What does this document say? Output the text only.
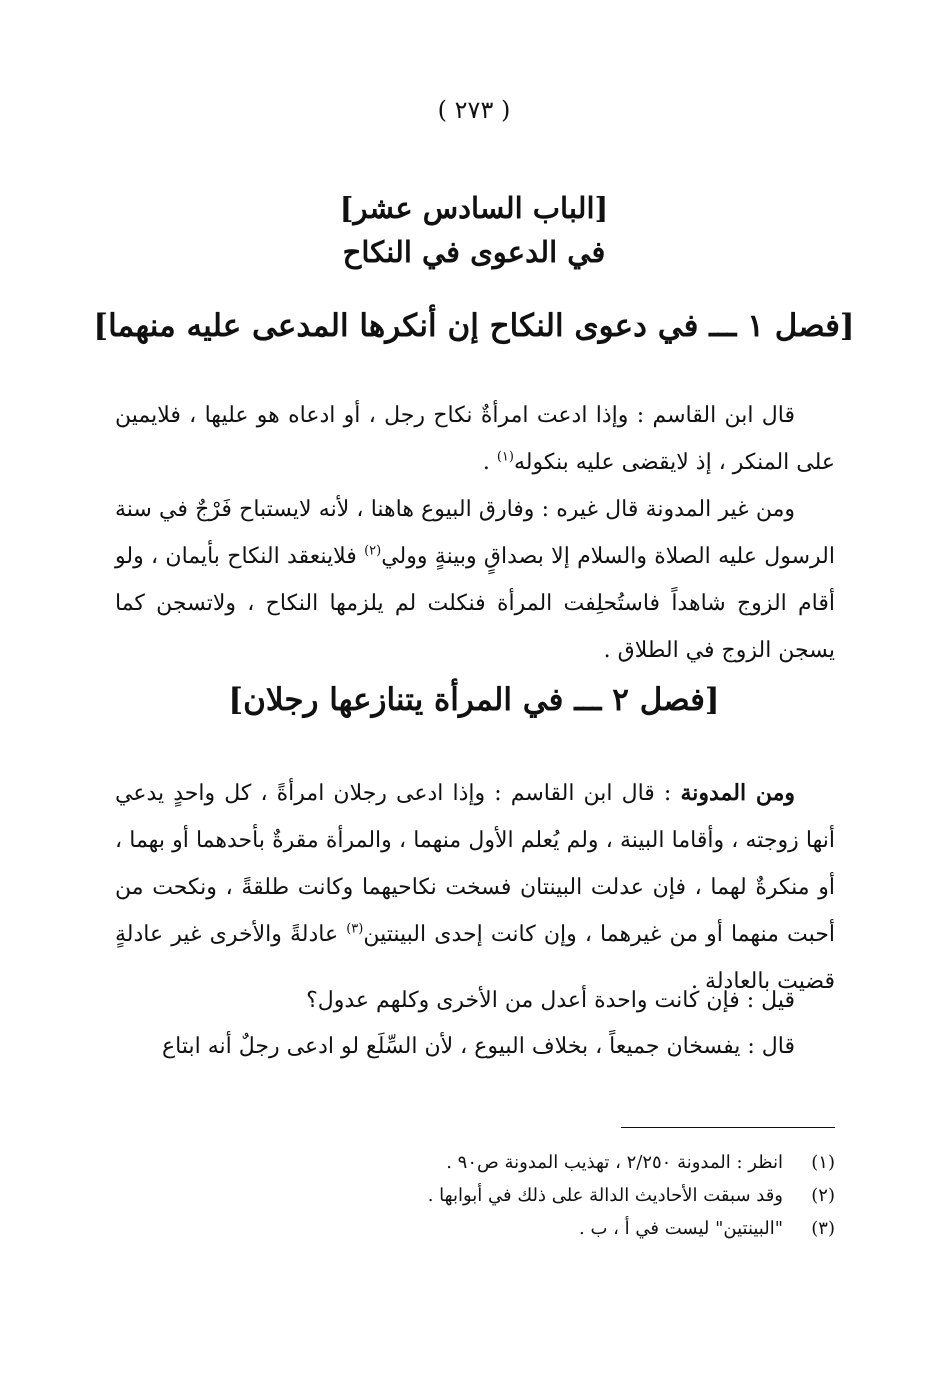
( ٢٧٣ )
[الباب السادس عشر]
في الدعوى في النكاح
[فصل ١ ـــ في دعوى النكاح إن أنكرها المدعى عليه منهما]

قال ابن القاسم : وإذا ادعت امرأةٌ نكاح رجل ، أو ادعاه هو عليها ، فلايمين على المنكر ، إذ لايقضى عليه بنكوله$^{(١)}$ .

ومن غير المدونة قال غيره : وفارق البيوع هاهنا ، لأنه لايستباح فَرْجٌ في سنة الرسول عليه الصلاة والسلام إلا بصداقٍ وبينةٍ وولي$^{(٢)}$ فلاينعقد النكاح بأيمان ، ولو أقام الزوج شاهداً فاستُحلِفت المرأة فنكلت لم يلزمها النكاح ، ولاتسجن كما يسجن الزوج في الطلاق .

[فصل ٢ ـــ في المرأة يتنازعها رجلان]

ومن المدونة : قال ابن القاسم : وإذا ادعى رجلان امرأةً ، كل واحدٍ يدعي أنها زوجته ، وأقاما البينة ، ولم يُعلم الأول منهما ، والمرأة مقرةٌ بأحدهما أو بهما ، أو منكرةٌ لهما ، فإن عدلت البينتان فسخت نكاحيهما وكانت طلقةً ، ونكحت من أحبت منهما أو من غيرهما ، وإن كانت إحدى البينتين$^{(٣)}$ عادلةً والأخرى غير عادلةٍ قضيت بالعادلة .

قيل : فإن كانت واحدة أعدل من الأخرى وكلهم عدول؟

قال : يفسخان جميعاً ، بخلاف البيوع ، لأن السِّلَع لو ادعى رجلٌ أنه ابتاع

(١)
انظر : المدونة ٢/٢٥٠ ، تهذيب المدونة ص٩٠ .
(٢)
وقد سبقت الأحاديث الدالة على ذلك في أبوابها .
(٣)
"البينتين" ليست في أ ، ب .
